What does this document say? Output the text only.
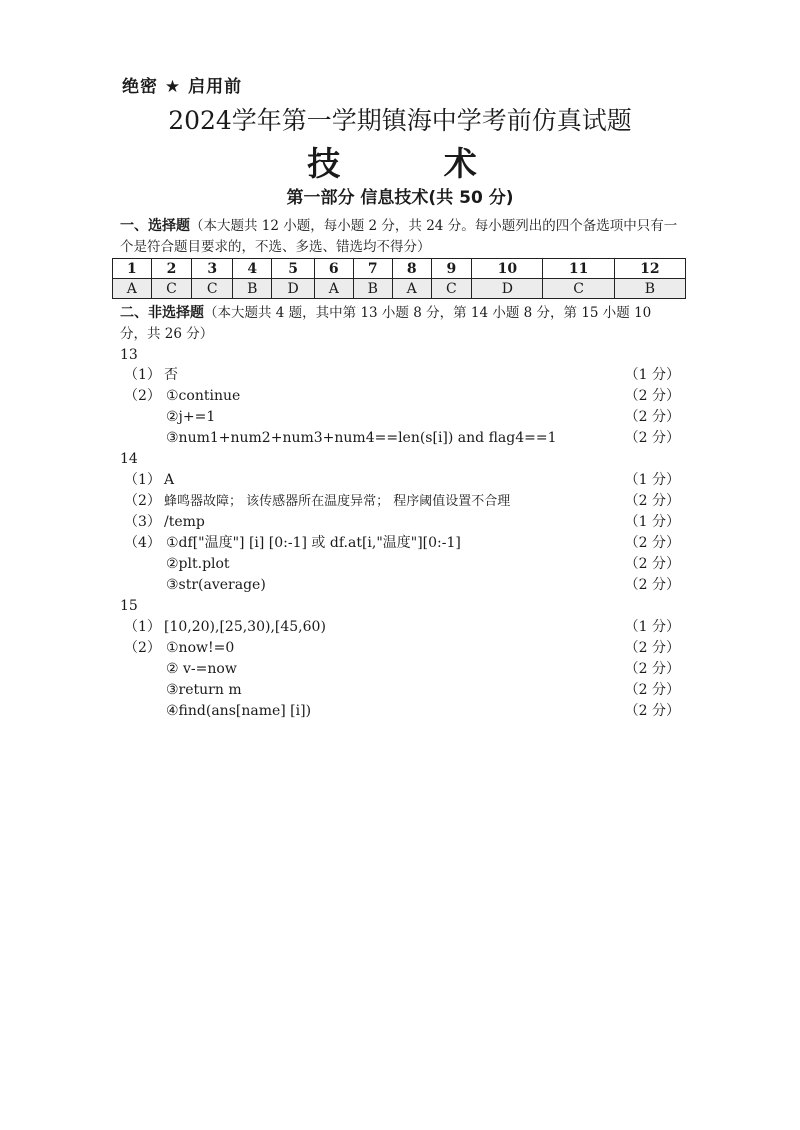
绝密 ★ 启用前
2024学年第一学期镇海中学考前仿真试题
技 术
第一部分 信息技术(共 50 分)
一、选择题（本大题共 12 小题，每小题 2 分，共 24 分。每小题列出的四个备选项中只有一个是符合题目要求的，不选、多选、错选均不得分）
1	2	3	4	5	6	7	8	9	10	11	12
A	C	C	B	D	A	B	A	C	D	C	B
二、非选择题（本大题共 4 题，其中第 13 小题 8 分，第 14 小题 8 分，第 15 小题 10 分，共 26 分）
13
（1） 否	（1 分）
（2） ①continue	（2 分）
②j+=1	（2 分）
③num1+num2+num3+num4==len(s[i]) and flag4==1	（2 分）
14
（1） A	（1 分）
（2） 蜂鸣器故障； 该传感器所在温度异常； 程序阈值设置不合理	（2 分）
（3） /temp	（1 分）
（4） ①df["温度"] [i] [0:-1] 或 df.at[i,"温度"][0:-1]	（2 分）
②plt.plot	（2 分）
③str(average)	（2 分）
15
（1） [10,20),[25,30),[45,60)	（1 分）
（2） ①now!=0	（2 分）
② v-=now	（2 分）
③return m	（2 分）
④find(ans[name] [i])	（2 分）
